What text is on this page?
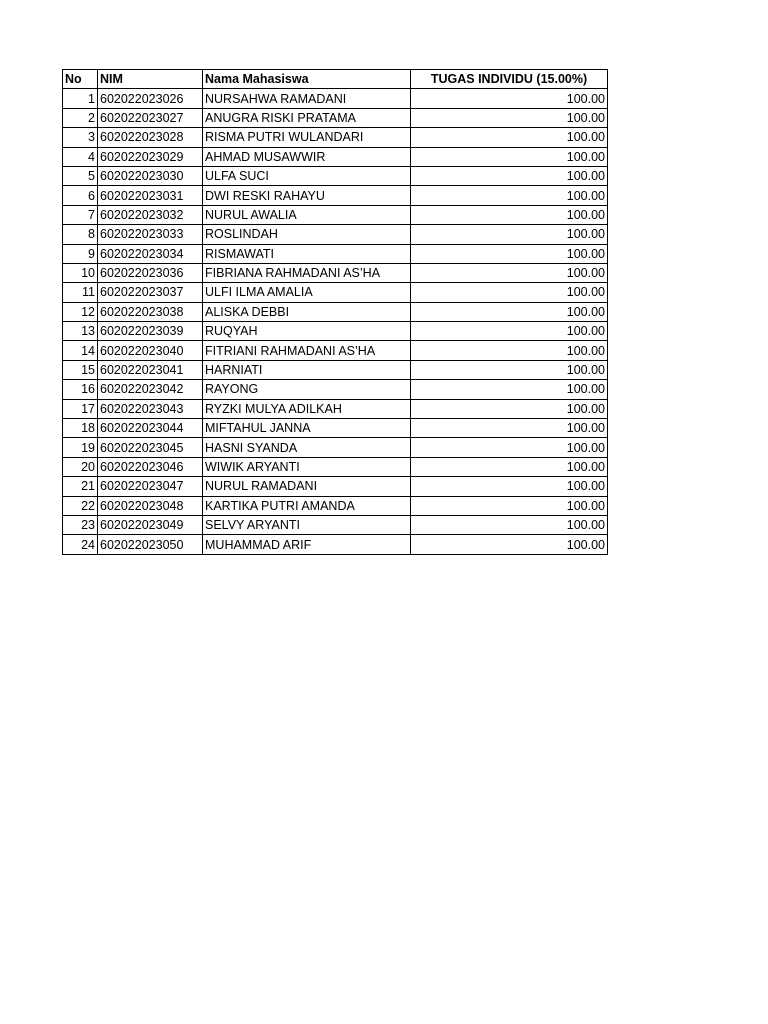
No	NIM	Nama Mahasiswa	TUGAS INDIVIDU (15.00%)
1	602022023026	NURSAHWA RAMADANI	100.00
2	602022023027	ANUGRA RISKI PRATAMA	100.00
3	602022023028	RISMA PUTRI WULANDARI	100.00
4	602022023029	AHMAD MUSAWWIR	100.00
5	602022023030	ULFA SUCI	100.00
6	602022023031	DWI RESKI RAHAYU	100.00
7	602022023032	NURUL AWALIA	100.00
8	602022023033	ROSLINDAH	100.00
9	602022023034	RISMAWATI	100.00
10	602022023036	FIBRIANA RAHMADANI AS’HA	100.00
11	602022023037	ULFI ILMA AMALIA	100.00
12	602022023038	ALISKA DEBBI	100.00
13	602022023039	RUQYAH	100.00
14	602022023040	FITRIANI RAHMADANI AS’HA	100.00
15	602022023041	HARNIATI	100.00
16	602022023042	RAYONG	100.00
17	602022023043	RYZKI MULYA ADILKAH	100.00
18	602022023044	MIFTAHUL JANNA	100.00
19	602022023045	HASNI SYANDA	100.00
20	602022023046	WIWIK ARYANTI	100.00
21	602022023047	NURUL RAMADANI	100.00
22	602022023048	KARTIKA PUTRI AMANDA	100.00
23	602022023049	SELVY ARYANTI	100.00
24	602022023050	MUHAMMAD ARIF	100.00
